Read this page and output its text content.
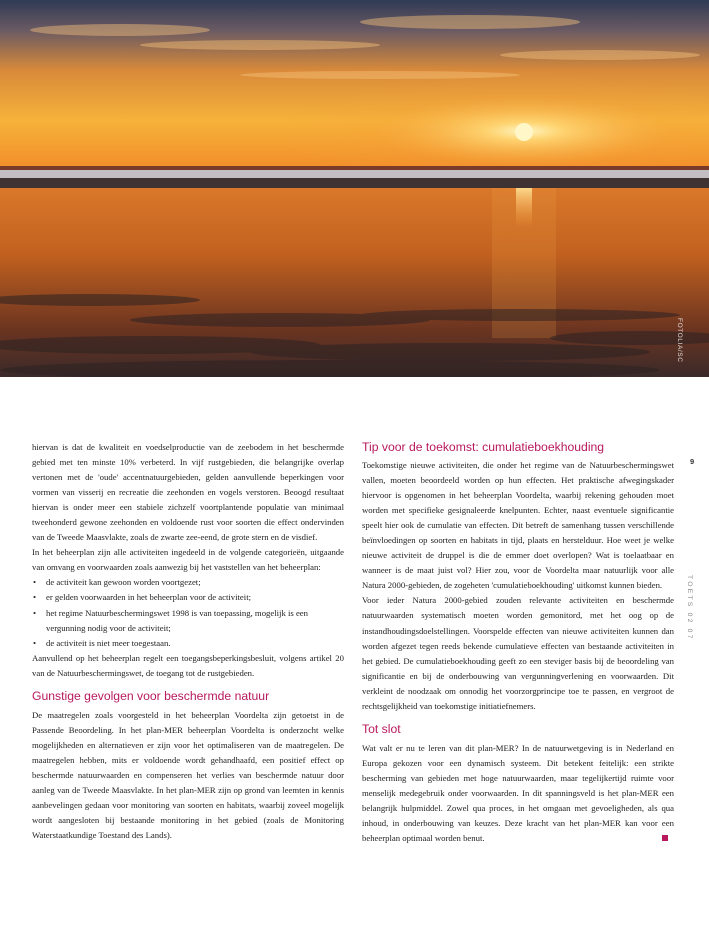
FOTOLIA/SC
9
TOETS 02 07

hiervan is dat de kwaliteit en voedselproductie van de zeebodem in het beschermde gebied met ten minste 10% verbeterd. In vijf rustgebieden, die belangrijke overlap vertonen met de 'oude' accentnatuurgebieden, gelden aanvullende beperkingen voor vormen van visserij en recreatie die zeehonden en vogels verstoren. Beoogd resultaat hiervan is onder meer een stabiele zichzelf voortplantende populatie van minimaal tweehonderd gewone zeehonden en voldoende rust voor soorten die effect ondervinden van de Tweede Maasvlakte, zoals de zwarte zee-eend, de grote stern en de visdief.

In het beheerplan zijn alle activiteiten ingedeeld in de volgende categorieën, uitgaande van omvang en voorwaarden zoals aanwezig bij het vaststellen van het beheerplan:

• de activiteit kan gewoon worden voortgezet;
• er gelden voorwaarden in het beheerplan voor de activiteit;
• het regime Natuurbeschermingswet 1998 is van toepassing, mogelijk is een vergunning nodig voor de activiteit;
• de activiteit is niet meer toegestaan.

Aanvullend op het beheerplan regelt een toegangsbeperkingsbesluit, volgens artikel 20 van de Natuurbeschermingswet, de toegang tot de rustgebieden.

Gunstige gevolgen voor beschermde natuur

De maatregelen zoals voorgesteld in het beheerplan Voordelta zijn getoetst in de Passende Beoordeling. In het plan-MER beheerplan Voordelta is onderzocht welke mogelijkheden en alternatieven er zijn voor het optimaliseren van de maatregelen. De maatregelen hebben, mits er voldoende wordt gehandhaafd, een positief effect op beschermde natuurwaarden en compenseren het verlies van beschermde natuur door aanleg van de Tweede Maasvlakte. In het plan-MER zijn op grond van leemten in kennis aanbevelingen gedaan voor monitoring van soorten en habitats, waarbij zoveel mogelijk wordt aangesloten bij bestaande monitoring in het gebied (zoals de Monitoring Waterstaatkundige Toestand des Lands).

Tip voor de toekomst: cumulatieboekhouding

Toekomstige nieuwe activiteiten, die onder het regime van de Natuurbeschermingswet vallen, moeten beoordeeld worden op hun effecten. Het praktische afwegingskader hiervoor is opgenomen in het beheerplan Voordelta, waarbij rekening gehouden moet worden met specifieke gesignaleerde knelpunten. Echter, naast eventuele significantie speelt hier ook de cumulatie van effecten. Dit betreft de samenhang tussen verschillende beïnvloedingen op soorten en habitats in tijd, plaats en herstelduur. Hoe weet je welke nieuwe activiteit de druppel is die de emmer doet overlopen? Wat is toelaatbaar en wanneer is de maat juist vol? Hier zou, voor de Voordelta maar natuurlijk voor alle Natura 2000-gebieden, de zogeheten 'cumulatieboekhouding' uitkomst kunnen bieden.

Voor ieder Natura 2000-gebied zouden relevante activiteiten en beschermde natuurwaarden systematisch moeten worden gemonitord, met het oog op de instandhoudingsdoelstellingen. Voorspelde effecten van nieuwe activiteiten kunnen dan worden afgezet tegen reeds bekende cumulatieve effecten van bestaande activiteiten in het gebied. De cumulatieboekhouding geeft zo een steviger basis bij de beoordeling van significantie en bij de onderbouwing van vergunningverlening en voorwaarden. Dit verkleint de noodzaak om onnodig het voorzorgprincipe toe te passen, en vergroot de rechtsgelijkheid van toekomstige initiatiefnemers.

Tot slot

Wat valt er nu te leren van dit plan-MER? In de natuurwetgeving is in Nederland en Europa gekozen voor een dynamisch systeem. Dit betekent feitelijk: een strikte bescherming van gebieden met hoge natuurwaarden, maar tegelijkertijd ruimte voor menselijk medegebruik onder voorwaarden. In dit spanningsveld is het plan-MER een belangrijk hulpmiddel. Zowel qua proces, in het omgaan met gevoeligheden, als qua inhoud, in onderbouwing van keuzes. Deze kracht van het plan-MER kan voor een beheerplan optimaal worden benut.
